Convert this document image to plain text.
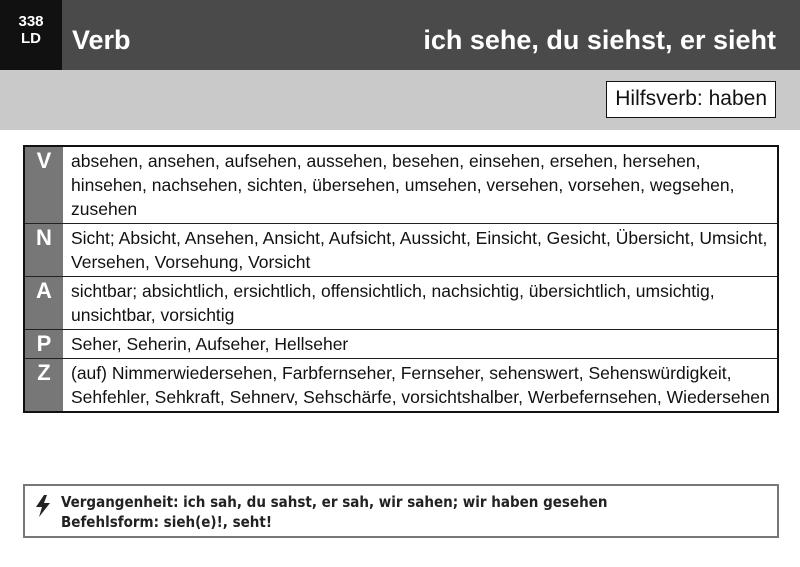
338
LD	Verb	ich sehe, du siehst, er sieht
Hilfsverb: haben
V	absehen, ansehen, aufsehen, aussehen, besehen, einsehen, ersehen, hersehen, hinsehen, nachsehen, sichten, übersehen, umsehen, versehen, vorsehen, wegsehen, zusehen
N	Sicht; Absicht, Ansehen, Ansicht, Aufsicht, Aussicht, Einsicht, Gesicht, Übersicht, Umsicht, Versehen, Vorsehung, Vorsicht
A	sichtbar; absichtlich, ersichtlich, offensichtlich, nachsichtig, übersichtlich, umsichtig, unsichtbar, vorsichtig
P	Seher, Seherin, Aufseher, Hellseher
Z	(auf) Nimmerwiedersehen, Farbfernseher, Fernseher, sehenswert, Sehenswürdigkeit, Sehfehler, Sehkraft, Sehnerv, Sehschärfe, vorsichtshalber, Werbefernsehen, Wiedersehen
Vergangenheit: ich sah, du sahst, er sah, wir sahen; wir haben gesehen
Befehlsform: sieh(e)!, seht!
